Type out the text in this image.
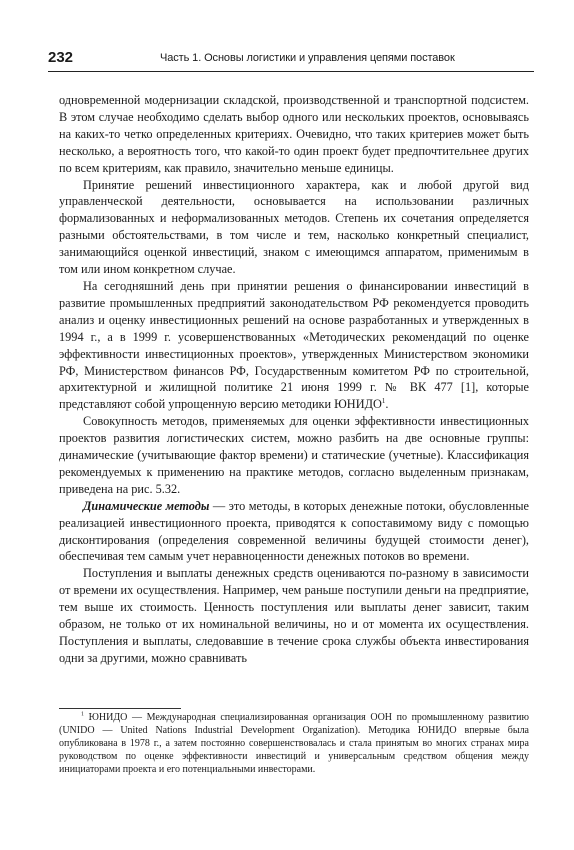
232	Часть 1. Основы логистики и управления цепями поставок

одновременной модернизации складской, производственной и транспортной подсистем. В этом случае необходимо сделать выбор одного или нескольких проектов, основываясь на каких-то четко определенных критериях. Очевидно, что таких критериев может быть несколько, а вероятность того, что какой-то один проект будет предпочтительнее других по всем критериям, как правило, значительно меньше единицы.

Принятие решений инвестиционного характера, как и любой другой вид управленческой деятельности, основывается на использовании различных формализованных и неформализованных методов. Степень их сочетания определяется разными обстоятельствами, в том числе и тем, насколько конкретный специалист, занимающийся оценкой инвестиций, знаком с имеющимся аппаратом, применимым в том или ином конкретном случае.

На сегодняшний день при принятии решения о финансировании инвестиций в развитие промышленных предприятий законодательством РФ рекомендуется проводить анализ и оценку инвестиционных решений на основе разработанных и утвержденных в 1994 г., а в 1999 г. усовершенствованных «Методических рекомендаций по оценке эффективности инвестиционных проектов», утвержденных Министерством экономики РФ, Министерством финансов РФ, Государственным комитетом РФ по строительной, архитектурной и жилищной политике 21 июня 1999 г. № ВК 477 [1], которые представляют собой упрощенную версию методики ЮНИДО$^1$.

Совокупность методов, применяемых для оценки эффективности инвестиционных проектов развития логистических систем, можно разбить на две основные группы: динамические (учитывающие фактор времени) и статические (учетные). Классификация рекомендуемых к применению на практике методов, согласно выделенным признакам, приведена на рис. 5.32.

Динамические методы — это методы, в которых денежные потоки, обусловленные реализацией инвестиционного проекта, приводятся к сопоставимому виду с помощью дисконтирования (определения современной величины будущей стоимости денег), обеспечивая тем самым учет неравноценности денежных потоков во времени.

Поступления и выплаты денежных средств оцениваются по-разному в зависимости от времени их осуществления. Например, чем раньше поступили деньги на предприятие, тем выше их стоимость. Ценность поступления или выплаты денег зависит, таким образом, не только от их номинальной величины, но и от момента их осуществления. Поступления и выплаты, следовавшие в течение срока службы объекта инвестирования одни за другими, можно сравнивать

$^1$ ЮНИДО — Международная специализированная организация ООН по промышленному развитию (UNIDO — United Nations Industrial Development Organization). Методика ЮНИДО впервые была опубликована в 1978 г., а затем постоянно совершенствовалась и стала принятым во многих странах мира руководством по оценке эффективности инвестиций и универсальным средством общения между инициаторами проекта и его потенциальными инвесторами.
